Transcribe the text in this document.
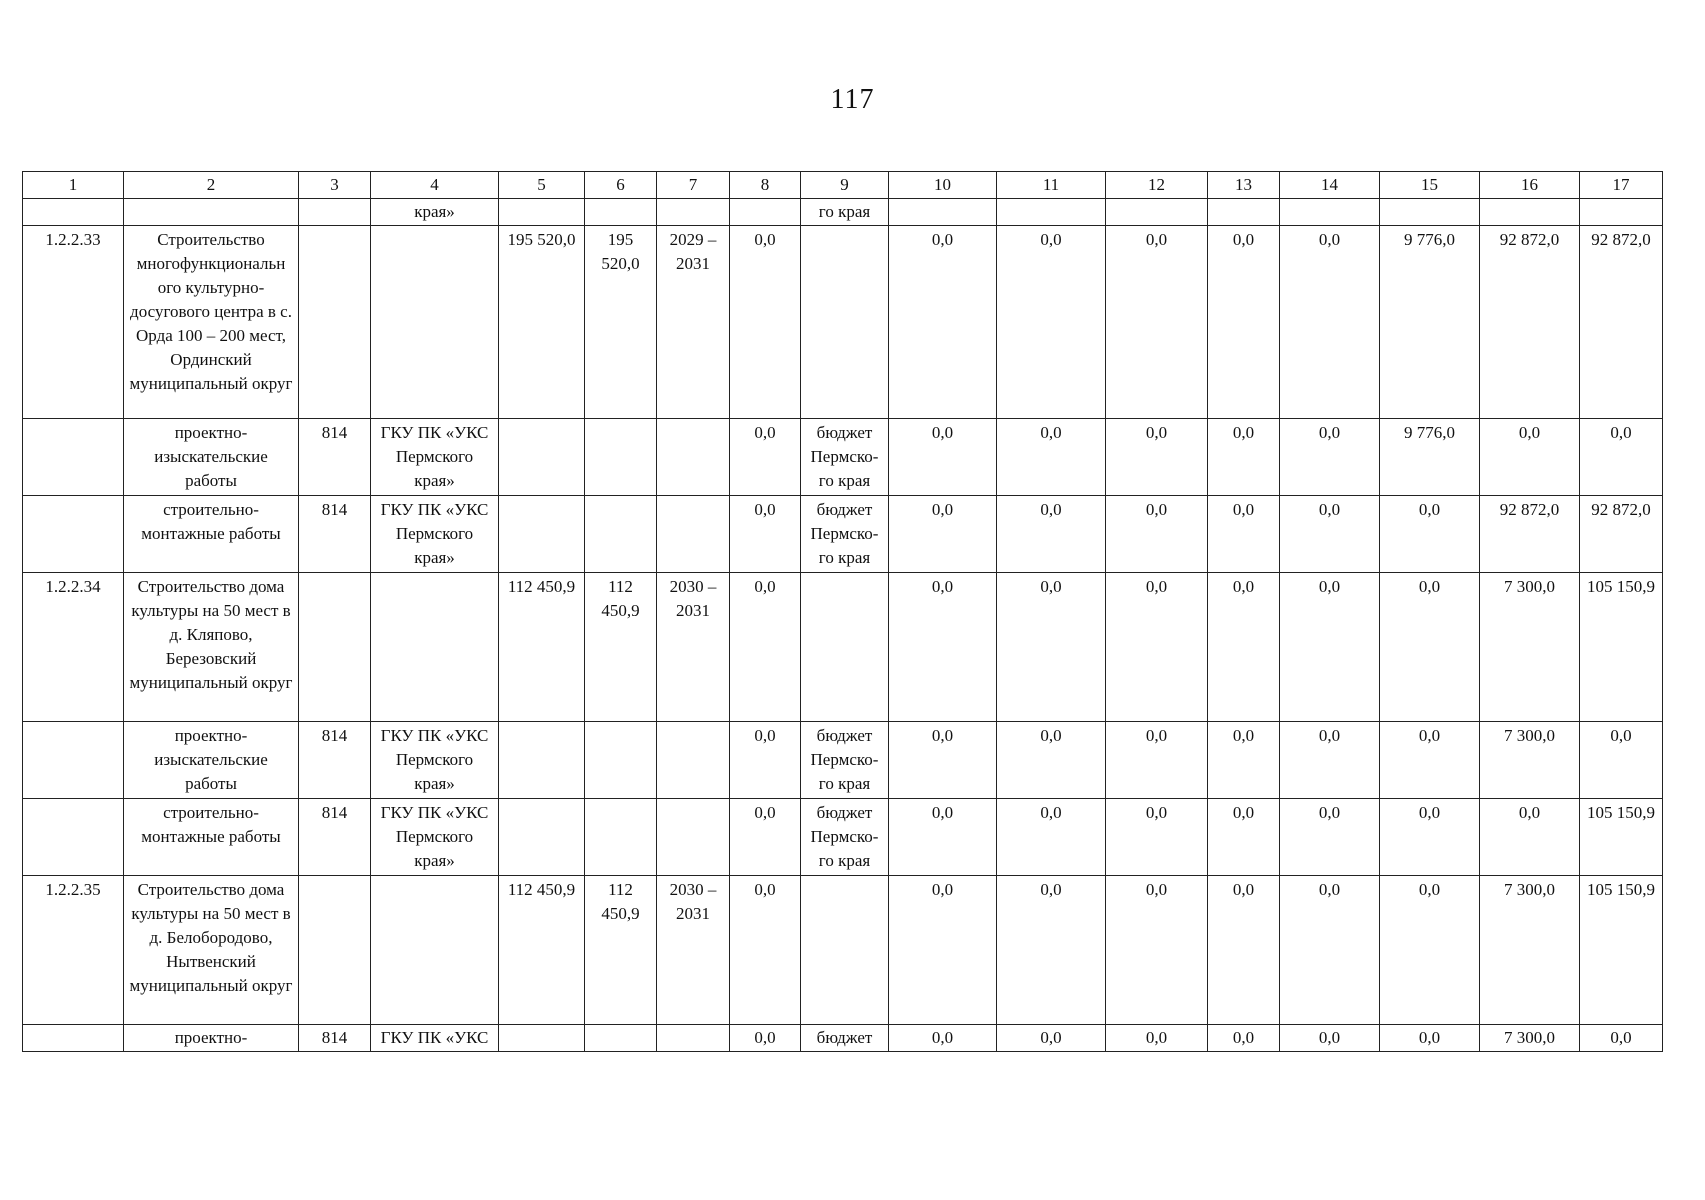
117
1	2	3	4	5	6	7	8	9	10	11	12	13	14	15	16	17
			края»					го края								
1.2.2.33	Строительство многофункциональн ого культурно-досугового центра в с. Орда 100 – 200 мест, Ординский муниципальный округ			195 520,0	195 520,0	2029 – 2031	0,0		0,0	0,0	0,0	0,0	0,0	9 776,0	92 872,0	92 872,0
	проектно-изыскательские работы	814	ГКУ ПК «УКС Пермского края»				0,0	бюджет Пермско-го края	0,0	0,0	0,0	0,0	0,0	9 776,0	0,0	0,0
	строительно-монтажные работы	814	ГКУ ПК «УКС Пермского края»				0,0	бюджет Пермско-го края	0,0	0,0	0,0	0,0	0,0	0,0	92 872,0	92 872,0
1.2.2.34	Строительство дома культуры на 50 мест в д. Кляпово, Березовский муниципальный округ			112 450,9	112 450,9	2030 – 2031	0,0		0,0	0,0	0,0	0,0	0,0	0,0	7 300,0	105 150,9
	проектно-изыскательские работы	814	ГКУ ПК «УКС Пермского края»				0,0	бюджет Пермско-го края	0,0	0,0	0,0	0,0	0,0	0,0	7 300,0	0,0
	строительно-монтажные работы	814	ГКУ ПК «УКС Пермского края»				0,0	бюджет Пермско-го края	0,0	0,0	0,0	0,0	0,0	0,0	0,0	105 150,9
1.2.2.35	Строительство дома культуры на 50 мест в д. Белобородово, Нытвенский муниципальный округ			112 450,9	112 450,9	2030 – 2031	0,0		0,0	0,0	0,0	0,0	0,0	0,0	7 300,0	105 150,9
	проектно-	814	ГКУ ПК «УКС				0,0	бюджет	0,0	0,0	0,0	0,0	0,0	0,0	7 300,0	0,0
